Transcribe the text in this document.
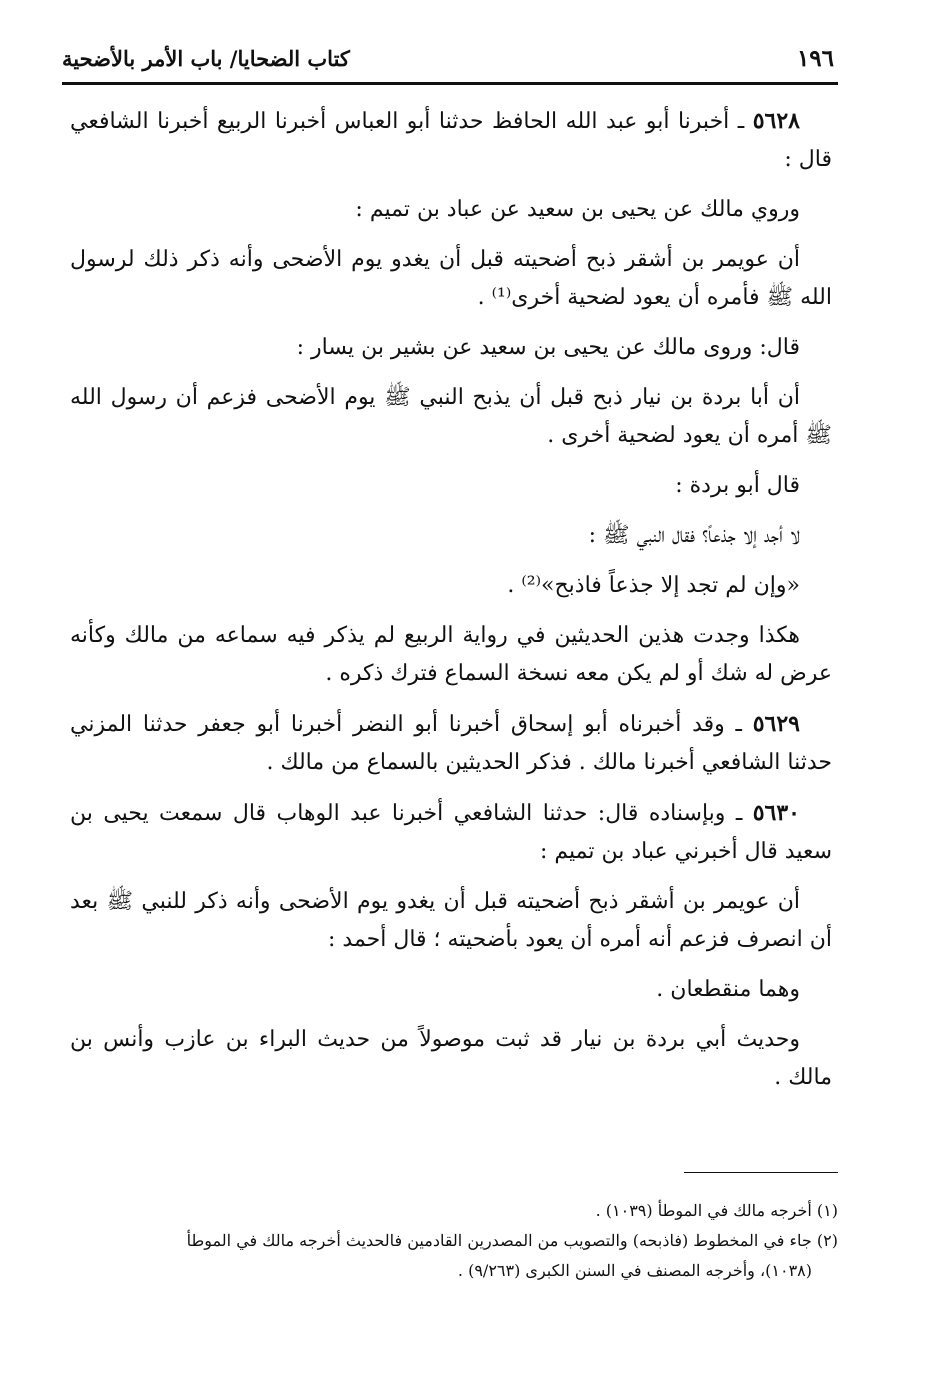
كتاب الضحايا/ باب الأمر بالأضحية	١٩٦

٥٦٢٨ ـ أخبرنا أبو عبد الله الحافظ حدثنا أبو العباس أخبرنا الربيع أخبرنا الشافعي قال :

وروي مالك عن يحيى بن سعيد عن عباد بن تميم :

أن عويمر بن أشقر ذبح أضحيته قبل أن يغدو يوم الأضحى وأنه ذكر ذلك لرسول الله ﷺ فأمره أن يعود لضحية أخرى⁽¹⁾ .

قال: وروى مالك عن يحيى بن سعيد عن بشير بن يسار :

أن أبا بردة بن نيار ذبح قبل أن يذبح النبي ﷺ يوم الأضحى فزعم أن رسول الله ﷺ أمره أن يعود لضحية أخرى .

قال أبو بردة :

لا أجد إلا جذعاً؟ فقال النبي ﷺ :

«وإن لم تجد إلا جذعاً فاذبح»⁽²⁾ .

هكذا وجدت هذين الحديثين في رواية الربيع لم يذكر فيه سماعه من مالك وكأنه عرض له شك أو لم يكن معه نسخة السماع فترك ذكره .

٥٦٢٩ ـ وقد أخبرناه أبو إسحاق أخبرنا أبو النضر أخبرنا أبو جعفر حدثنا المزني حدثنا الشافعي أخبرنا مالك . فذكر الحديثين بالسماع من مالك .

٥٦٣٠ ـ وبإسناده قال: حدثنا الشافعي أخبرنا عبد الوهاب قال سمعت يحيى بن سعيد قال أخبرني عباد بن تميم :

أن عويمر بن أشقر ذبح أضحيته قبل أن يغدو يوم الأضحى وأنه ذكر للنبي ﷺ بعد أن انصرف فزعم أنه أمره أن يعود بأضحيته ؛ قال أحمد :

وهما منقطعان .

وحديث أبي بردة بن نيار قد ثبت موصولاً من حديث البراء بن عازب وأنس بن مالك .

(١) أخرجه مالك في الموطأ (١٠٣٩) .

(٢) جاء في المخطوط (فاذبحه) والتصويب من المصدرين القادمين فالحديث أخرجه مالك في الموطأ

(١٠٣٨)، وأخرجه المصنف في السنن الكبرى (٩/٢٦٣) .
